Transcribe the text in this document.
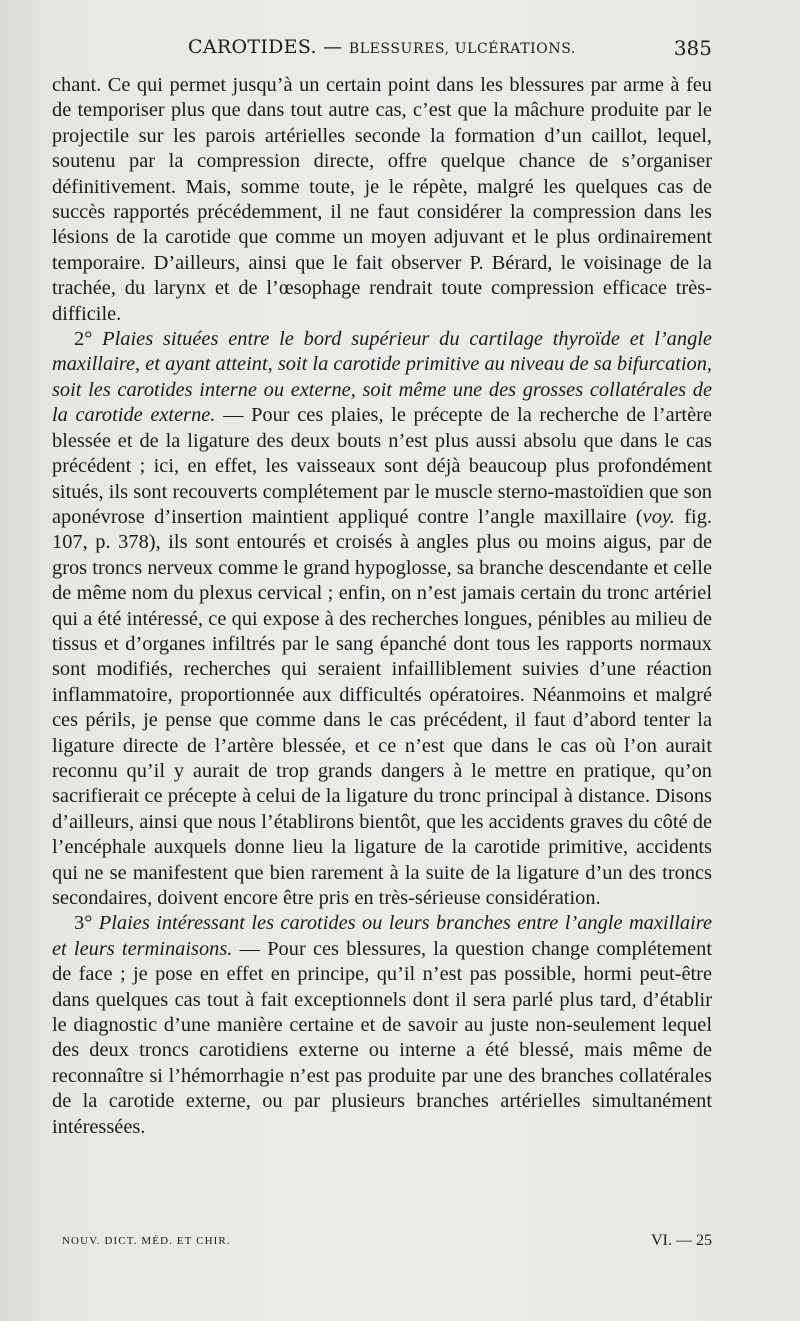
CAROTIDES. — BLESSURES, ULCÉRATIONS.	385

chant. Ce qui permet jusqu’à un certain point dans les blessures par arme à feu de temporiser plus que dans tout autre cas, c’est que la mâchure produite par le projectile sur les parois artérielles seconde la formation d’un caillot, lequel, soutenu par la compression directe, offre quelque chance de s’organiser définitivement. Mais, somme toute, je le répète, malgré les quelques cas de succès rapportés précédemment, il ne faut considérer la compression dans les lésions de la carotide que comme un moyen adjuvant et le plus ordinairement temporaire. D’ailleurs, ainsi que le fait observer P. Bérard, le voisinage de la trachée, du larynx et de l’œsophage rendrait toute compression efficace très-difficile.

2° Plaies situées entre le bord supérieur du cartilage thyroïde et l’angle maxillaire, et ayant atteint, soit la carotide primitive au niveau de sa bifurcation, soit les carotides interne ou externe, soit même une des grosses collatérales de la carotide externe. — Pour ces plaies, le précepte de la recherche de l’artère blessée et de la ligature des deux bouts n’est plus aussi absolu que dans le cas précédent ; ici, en effet, les vaisseaux sont déjà beaucoup plus profondément situés, ils sont recouverts complétement par le muscle sterno-mastoïdien que son aponévrose d’insertion maintient appliqué contre l’angle maxillaire (voy. fig. 107, p. 378), ils sont entourés et croisés à angles plus ou moins aigus, par de gros troncs nerveux comme le grand hypoglosse, sa branche descendante et celle de même nom du plexus cervical ; enfin, on n’est jamais certain du tronc artériel qui a été intéressé, ce qui expose à des recherches longues, pénibles au milieu de tissus et d’organes infiltrés par le sang épanché dont tous les rapports normaux sont modifiés, recherches qui seraient infailliblement suivies d’une réaction inflammatoire, proportionnée aux difficultés opératoires. Néanmoins et malgré ces périls, je pense que comme dans le cas précédent, il faut d’abord tenter la ligature directe de l’artère blessée, et ce n’est que dans le cas où l’on aurait reconnu qu’il y aurait de trop grands dangers à le mettre en pratique, qu’on sacrifierait ce précepte à celui de la ligature du tronc principal à distance. Disons d’ailleurs, ainsi que nous l’établirons bientôt, que les accidents graves du côté de l’encéphale auxquels donne lieu la ligature de la carotide primitive, accidents qui ne se manifestent que bien rarement à la suite de la ligature d’un des troncs secondaires, doivent encore être pris en très-sérieuse considération.

3° Plaies intéressant les carotides ou leurs branches entre l’angle maxillaire et leurs terminaisons. — Pour ces blessures, la question change complétement de face ; je pose en effet en principe, qu’il n’est pas possible, hormi peut-être dans quelques cas tout à fait exceptionnels dont il sera parlé plus tard, d’établir le diagnostic d’une manière certaine et de savoir au juste non-seulement lequel des deux troncs carotidiens externe ou interne a été blessé, mais même de reconnaître si l’hémorrhagie n’est pas produite par une des branches collatérales de la carotide externe, ou par plusieurs branches artérielles simultanément intéressées.

NOUV. DICT. MÉD. ET CHIR.	VI. — 25
